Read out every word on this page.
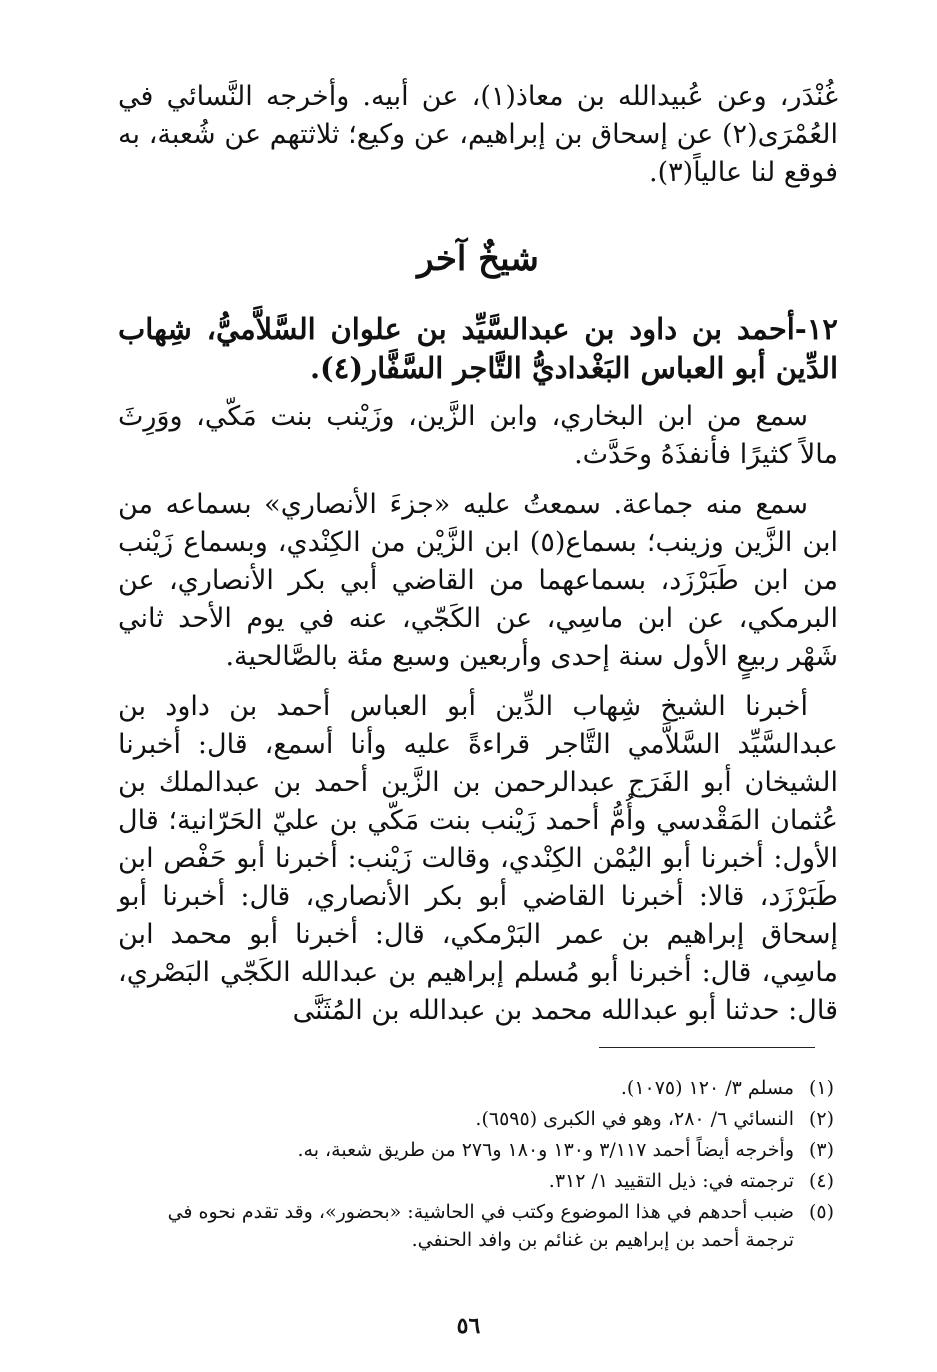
غُنْدَر، وعن عُبيدالله بن معاذ(١)، عن أبيه. وأخرجه النَّسائي في العُمْرَى(٢) عن إسحاق بن إبراهيم، عن وكيع؛ ثلاثتهم عن شُعبة، به فوقع لنا عالياً(٣).

شيخٌ آخر

١٢-أحمد بن داود بن عبدالسَّيِّد بن علوان السَّلاَّميُّ، شِهاب الدِّين أبو العباس البَغْداديُّ التَّاجر السَّفَّار(٤).

سمع من ابن البخاري، وابن الزَّين، وزَيْنب بنت مَكّي، ووَرِثَ مالاً كثيرًا فأنفذَهُ وحَدَّث.

سمع منه جماعة. سمعتُ عليه «جزءَ الأنصاري» بسماعه من ابن الزَّين وزينب؛ بسماع(٥) ابن الزَّيْن من الكِنْدي، وبسماع زَيْنب من ابن طَبَرْزَد، بسماعهما من القاضي أبي بكر الأنصاري، عن البرمكي، عن ابن ماسِي، عن الكَجّي، عنه في يوم الأحد ثاني شَهْر ربيعٍ الأول سنة إحدى وأربعين وسبع مئة بالصَّالحية.

أخبرنا الشيخ شِهاب الدِّين أبو العباس أحمد بن داود بن عبدالسَّيِّد السَّلاَّمي التَّاجر قراءةً عليه وأنا أسمع، قال: أخبرنا الشيخان أبو الفَرَج عبدالرحمن بن الزَّين أحمد بن عبدالملك بن عُثمان المَقْدسي وأُمُّ أحمد زَيْنب بنت مَكّي بن عليّ الحَرّانية؛ قال الأول: أخبرنا أبو اليُمْن الكِنْدي، وقالت زَيْنب: أخبرنا أبو حَفْص ابن طَبَرْزَد، قالا: أخبرنا القاضي أبو بكر الأنصاري، قال: أخبرنا أبو إسحاق إبراهيم بن عمر البَرْمكي، قال: أخبرنا أبو محمد ابن ماسِي، قال: أخبرنا أبو مُسلم إبراهيم بن عبدالله الكَجّي البَصْري، قال: حدثنا أبو عبدالله محمد بن عبدالله بن المُثَنَّى

(١)
مسلم ٣/ ١٢٠ (١٠٧٥).
(٢)
النسائي ٦/ ٢٨٠، وهو في الكبرى (٦٥٩٥).
(٣)
وأخرجه أيضاً أحمد ٣/١١٧ و١٣٠ و١٨٠ و٢٧٦ من طريق شعبة، به.
(٤)
ترجمته في: ذيل التقييد ١/ ٣١٢.
(٥)
ضبب أحدهم في هذا الموضوع وكتب في الحاشية: «بحضور»، وقد تقدم نحوه في ترجمة أحمد بن إبراهيم بن غنائم بن وافد الحنفي.
٥٦
